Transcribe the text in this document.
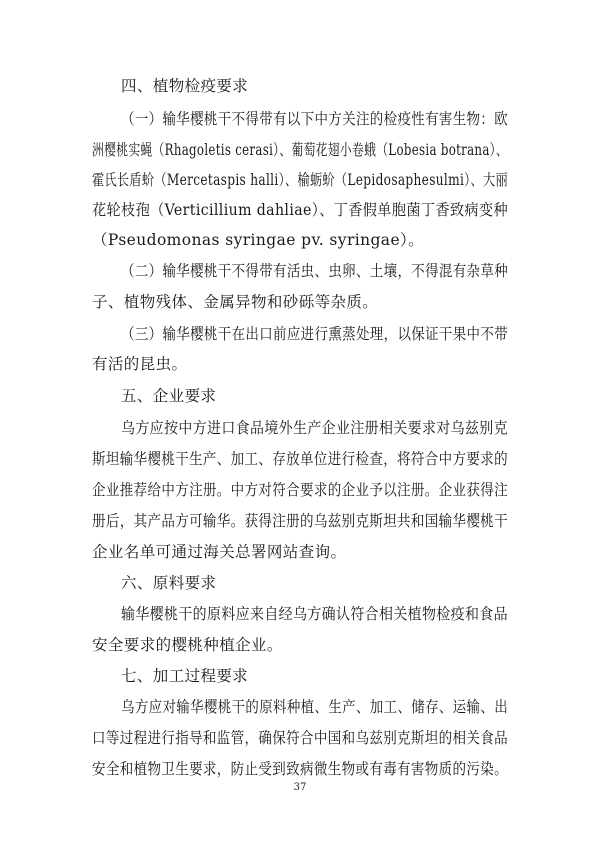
37
四、植物检疫要求
（一）输华樱桃干不得带有以下中方关注的检疫性有害生物：欧
洲樱桃实蝇（Rhagoletis cerasi）、葡萄花翅小卷蛾（Lobesia botrana）、
霍氏长盾蚧（Mercetaspis halli）、榆蛎蚧（Lepidosaphesulmi）、大丽
花轮枝孢（Verticillium dahliae）、丁香假单胞菌丁香致病变种
（Pseudomonas syringae pv. syringae）。
（二）输华樱桃干不得带有活虫、虫卵、土壤，不得混有杂草种
子、植物残体、金属异物和砂砾等杂质。
（三）输华樱桃干在出口前应进行熏蒸处理，以保证干果中不带
有活的昆虫。
五、企业要求
乌方应按中方进口食品境外生产企业注册相关要求对乌兹别克
斯坦输华樱桃干生产、加工、存放单位进行检查，将符合中方要求的
企业推荐给中方注册。中方对符合要求的企业予以注册。企业获得注
册后，其产品方可输华。获得注册的乌兹别克斯坦共和国输华樱桃干
企业名单可通过海关总署网站查询。
六、原料要求
输华樱桃干的原料应来自经乌方确认符合相关植物检疫和食品
安全要求的樱桃种植企业。
七、加工过程要求
乌方应对输华樱桃干的原料种植、生产、加工、储存、运输、出
口等过程进行指导和监管，确保符合中国和乌兹别克斯坦的相关食品
安全和植物卫生要求，防止受到致病微生物或有毒有害物质的污染。
